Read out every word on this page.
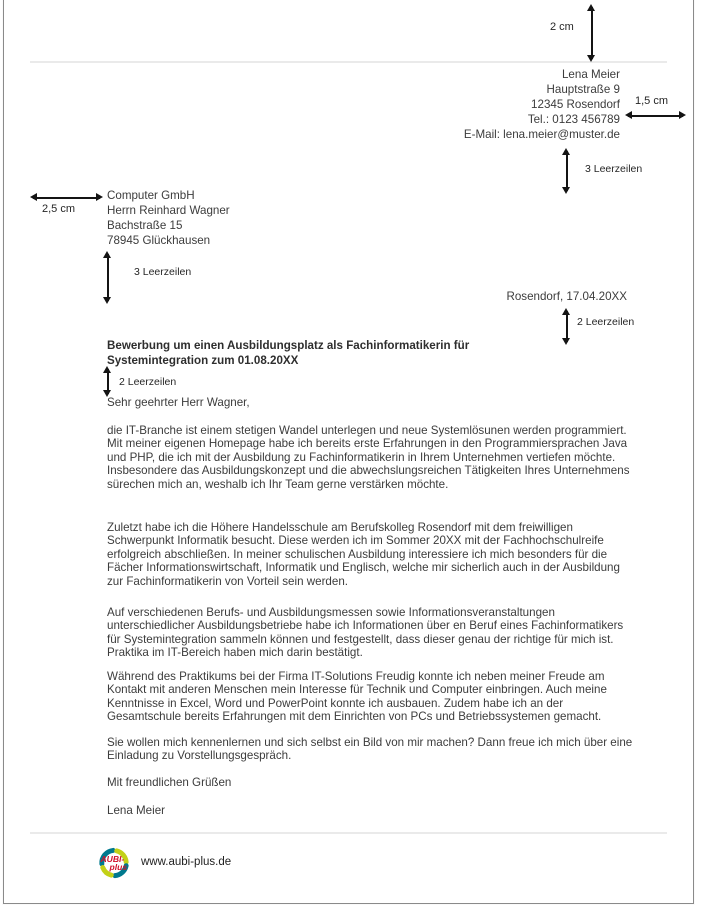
2 cm
Lena Meier
Hauptstraße 9
12345 Rosendorf
Tel.: 0123 456789
E-Mail: lena.meier@muster.de
1,5 cm
3 Leerzeilen
Computer GmbH
Herrn Reinhard Wagner
Bachstraße 15
78945 Glückhausen
2,5 cm
3 Leerzeilen
Rosendorf, 17.04.20XX
2 Leerzeilen
Bewerbung um einen Ausbildungsplatz als Fachinformatikerin für Systemintegration zum 01.08.20XX
2 Leerzeilen
Sehr geehrter Herr Wagner,
die IT-Branche ist einem stetigen Wandel unterlegen und neue Systemlösunen werden programmiert. Mit meiner eigenen Homepage habe ich bereits erste Erfahrungen in den Programmiersprachen Java und PHP, die ich mit der Ausbildung zu Fachinformatikerin in Ihrem Unternehmen vertiefen möchte. Insbesondere das Ausbildungskonzept und die abwechslungsreichen Tätigkeiten Ihres Unternehmens sürechen mich an, weshalb ich Ihr Team gerne verstärken möchte.
Zuletzt habe ich die Höhere Handelsschule am Berufskolleg Rosendorf mit dem freiwilligen Schwerpunkt Informatik besucht. Diese werden ich im Sommer 20XX mit der Fachhochschulreife erfolgreich abschließen. In meiner schulischen Ausbildung interessiere ich mich besonders für die Fächer Informationswirtschaft, Informatik und Englisch, welche mir sicherlich auch in der Ausbildung zur Fachinformatikerin von Vorteil sein werden.
Auf verschiedenen Berufs- und Ausbildungsmessen sowie Informationsveranstaltungen unterschiedlicher Ausbildungsbetriebe habe ich Informationen über en Beruf eines Fachinformatikers für Systemintegration sammeln können und festgestellt, dass dieser genau der richtige für mich ist. Praktika im IT-Bereich haben mich darin bestätigt.
Während des Praktikums bei der Firma IT-Solutions Freudig konnte ich neben meiner Freude am Kontakt mit anderen Menschen mein Interesse für Technik und Computer einbringen. Auch meine Kenntnisse in Excel, Word und PowerPoint konnte ich ausbauen. Zudem habe ich an der Gesamtschule bereits Erfahrungen mit dem Einrichten von PCs und Betriebssystemen gemacht.
Sie wollen mich kennenlernen und sich selbst ein Bild von mir machen? Dann freue ich mich über eine Einladung zu Vorstellungsgespräch.
Mit freundlichen Grüßen
Lena Meier
AUBI-
plus www.aubi-plus.de
